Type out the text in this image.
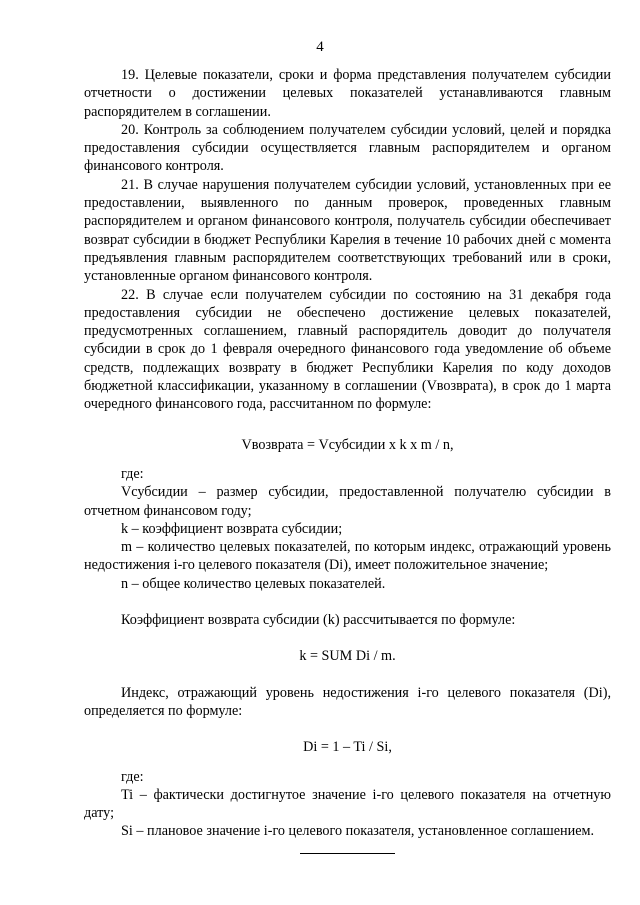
4

19. Целевые показатели, сроки и форма представления получателем субсидии отчетности о достижении целевых показателей устанавливаются главным распорядителем в соглашении.

20. Контроль за соблюдением получателем субсидии условий, целей и порядка предоставления субсидии осуществляется главным распорядителем и органом финансового контроля.

21. В случае нарушения получателем субсидии условий, установленных при ее предоставлении, выявленного по данным проверок, проведенных главным распорядителем и органом финансового контроля, получатель субсидии обеспечивает возврат субсидии в бюджет Республики Карелия в течение 10 рабочих дней с момента предъявления главным распорядителем соответствующих требований или в сроки, установленные органом финансового контроля.

22. В случае если получателем субсидии по состоянию на 31 декабря года предоставления субсидии не обеспечено достижение целевых показателей, предусмотренных соглашением, главный распорядитель доводит до получателя субсидии в срок до 1 февраля очередного финансового года уведомление об объеме средств, подлежащих возврату в бюджет Республики Карелия по коду доходов бюджетной классификации, указанному в соглашении (Vвозврата), в срок до 1 марта очередного финансового года, рассчитанном по формуле:

Vвозврата = Vсубсидии x k x m / n,

где:

Vсубсидии – размер субсидии, предоставленной получателю субсидии в отчетном финансовом году;

k – коэффициент возврата субсидии;

m – количество целевых показателей, по которым индекс, отражающий уровень недостижения i-го целевого показателя (Di), имеет положительное значение;

n – общее количество целевых показателей.

Коэффициент возврата субсидии (k) рассчитывается по формуле:

k = SUM Di / m.

Индекс, отражающий уровень недостижения i-го целевого показателя (Di), определяется по формуле:

Di = 1 – Ti / Si,

где:

Ti – фактически достигнутое значение i-го целевого показателя на отчетную дату;

Si – плановое значение i-го целевого показателя, установленное соглашением.
